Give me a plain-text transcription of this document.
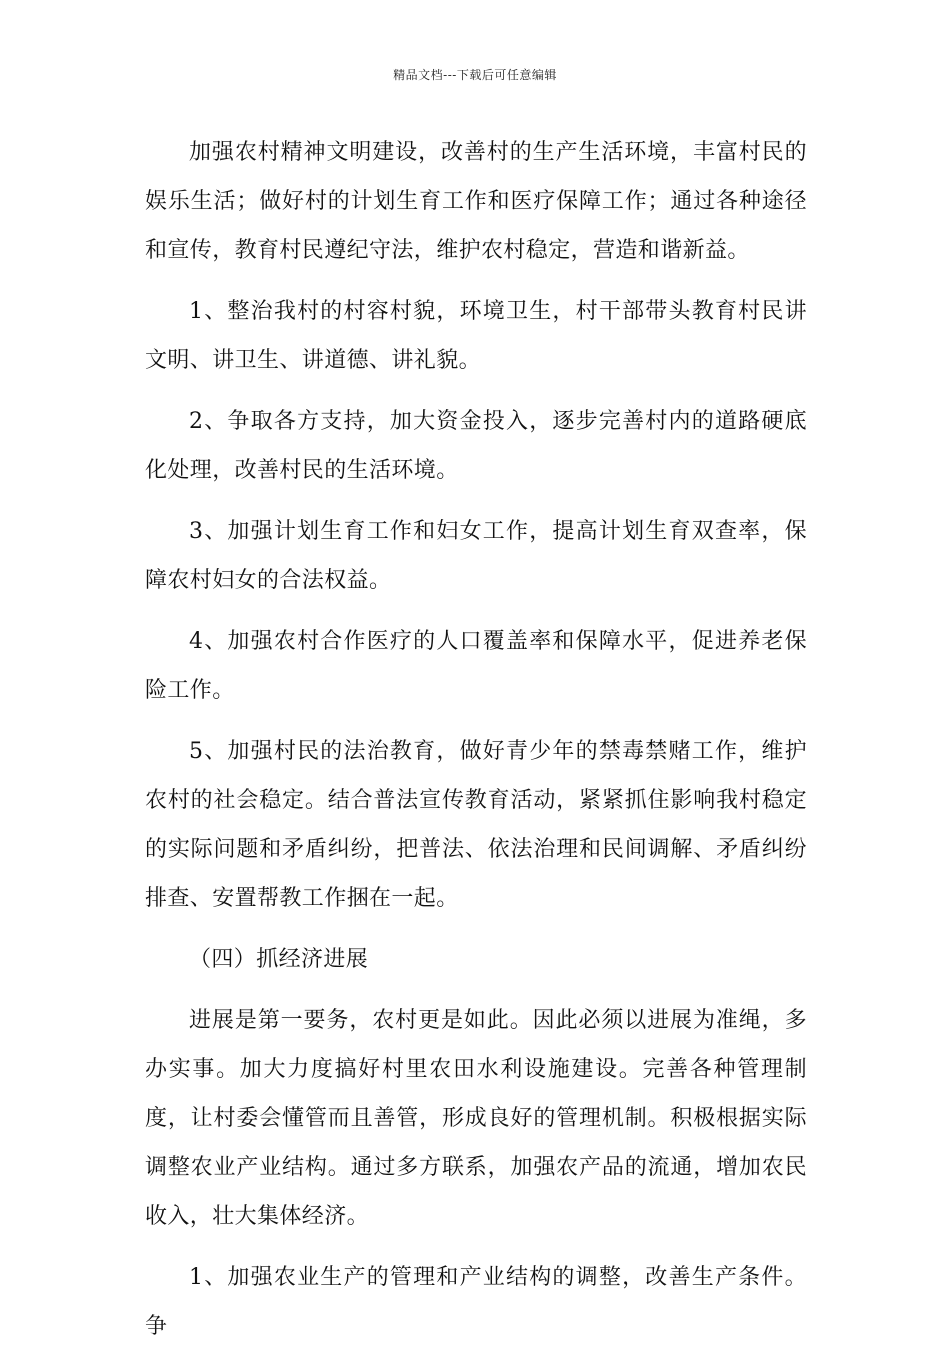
精品文档---下载后可任意编辑

加强农村精神文明建设，改善村的生产生活环境，丰富村民的娱乐生活；做好村的计划生育工作和医疗保障工作；通过各种途径和宣传，教育村民遵纪守法，维护农村稳定，营造和谐新益。

1、整治我村的村容村貌，环境卫生，村干部带头教育村民讲文明、讲卫生、讲道德、讲礼貌。

2、争取各方支持，加大资金投入，逐步完善村内的道路硬底化处理，改善村民的生活环境。

3、加强计划生育工作和妇女工作，提高计划生育双查率，保障农村妇女的合法权益。

4、加强农村合作医疗的人口覆盖率和保障水平，促进养老保险工作。

5、加强村民的法治教育，做好青少年的禁毒禁赌工作，维护农村的社会稳定。结合普法宣传教育活动，紧紧抓住影响我村稳定的实际问题和矛盾纠纷，把普法、依法治理和民间调解、矛盾纠纷排查、安置帮教工作捆在一起。

（四）抓经济进展

进展是第一要务，农村更是如此。因此必须以进展为准绳，多办实事。加大力度搞好村里农田水利设施建设。完善各种管理制度，让村委会懂管而且善管，形成良好的管理机制。积极根据实际调整农业产业结构。通过多方联系，加强农产品的流通，增加农民收入，壮大集体经济。

1、加强农业生产的管理和产业结构的调整，改善生产条件。争
